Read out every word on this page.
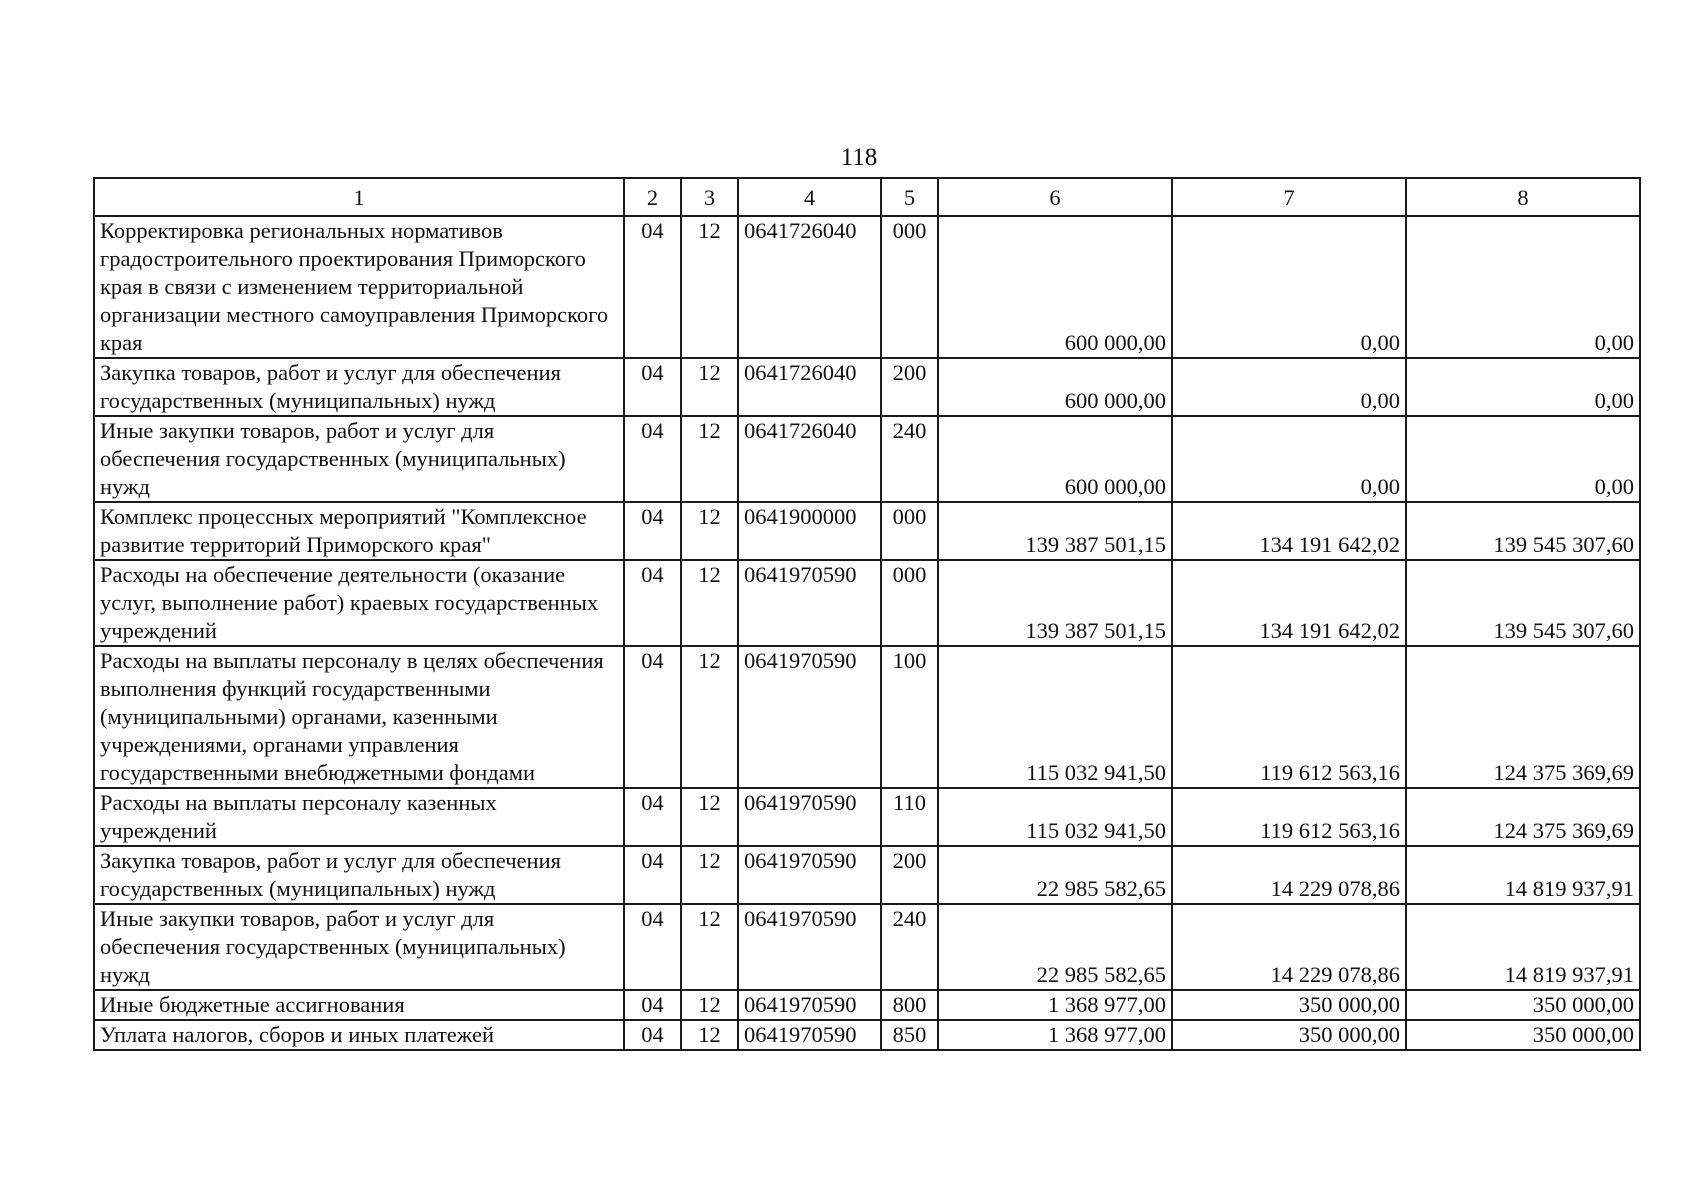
118
1	2	3	4	5	6	7	8
Корректировка региональных нормативов градостроительного проектирования Приморского края в связи с изменением территориальной организации местного самоуправления Приморского края	04	12	0641726040	000	600 000,00	0,00	0,00
Закупка товаров, работ и услуг для обеспечения государственных (муниципальных) нужд	04	12	0641726040	200	600 000,00	0,00	0,00
Иные закупки товаров, работ и услуг для обеспечения государственных (муниципальных) нужд	04	12	0641726040	240	600 000,00	0,00	0,00
Комплекс процессных мероприятий "Комплексное развитие территорий Приморского края"	04	12	0641900000	000	139 387 501,15	134 191 642,02	139 545 307,60
Расходы на обеспечение деятельности (оказание услуг, выполнение работ) краевых государственных учреждений	04	12	0641970590	000	139 387 501,15	134 191 642,02	139 545 307,60
Расходы на выплаты персоналу в целях обеспечения выполнения функций государственными (муниципальными) органами, казенными учреждениями, органами управления государственными внебюджетными фондами	04	12	0641970590	100	115 032 941,50	119 612 563,16	124 375 369,69
Расходы на выплаты персоналу казенных учреждений	04	12	0641970590	110	115 032 941,50	119 612 563,16	124 375 369,69
Закупка товаров, работ и услуг для обеспечения государственных (муниципальных) нужд	04	12	0641970590	200	22 985 582,65	14 229 078,86	14 819 937,91
Иные закупки товаров, работ и услуг для обеспечения государственных (муниципальных) нужд	04	12	0641970590	240	22 985 582,65	14 229 078,86	14 819 937,91
Иные бюджетные ассигнования	04	12	0641970590	800	1 368 977,00	350 000,00	350 000,00
Уплата налогов, сборов и иных платежей	04	12	0641970590	850	1 368 977,00	350 000,00	350 000,00
